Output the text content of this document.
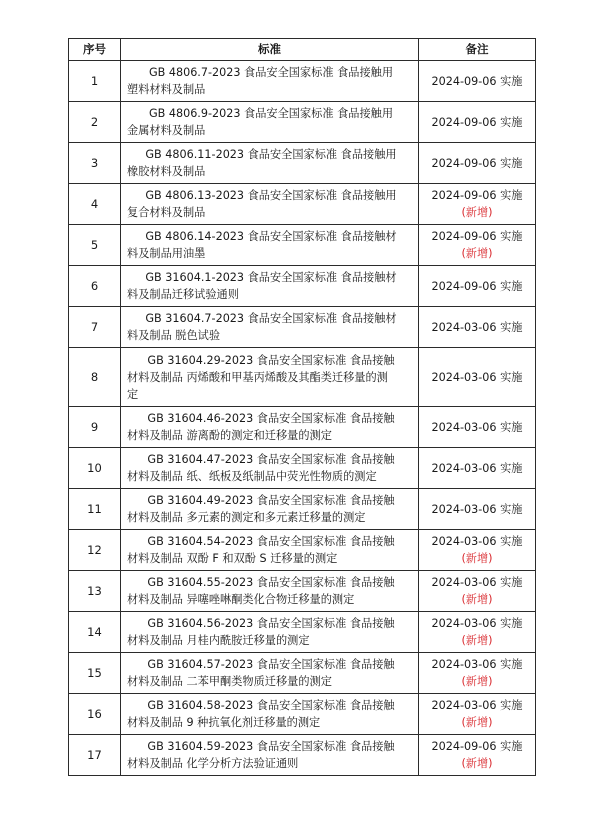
序号	标准	备注
1	GB 4806.7-2023 食品安全国家标准 食品接触用
塑料材料及制品	2024-09-06 实施

2	GB 4806.9-2023 食品安全国家标准 食品接触用
金属材料及制品	2024-09-06 实施

3	GB 4806.11-2023 食品安全国家标准 食品接触用
橡胶材料及制品	2024-09-06 实施

4	GB 4806.13-2023 食品安全国家标准 食品接触用
复合材料及制品	2024-09-06 实施
(新增)

5	GB 4806.14-2023 食品安全国家标准 食品接触材
料及制品用油墨	2024-09-06 实施
(新增)

6	GB 31604.1-2023 食品安全国家标准 食品接触材
料及制品迁移试验通则	2024-09-06 实施

7	GB 31604.7-2023 食品安全国家标准 食品接触材
料及制品 脱色试验	2024-03-06 实施

8	GB 31604.29-2023 食品安全国家标准 食品接触
材料及制品 丙烯酸和甲基丙烯酸及其酯类迁移量的测
定	2024-03-06 实施

9	GB 31604.46-2023 食品安全国家标准 食品接触
材料及制品 游离酚的测定和迁移量的测定	2024-03-06 实施

10	GB 31604.47-2023 食品安全国家标准 食品接触
材料及制品 纸、纸板及纸制品中荧光性物质的测定	2024-03-06 实施

11	GB 31604.49-2023 食品安全国家标准 食品接触
材料及制品 多元素的测定和多元素迁移量的测定	2024-03-06 实施

12	GB 31604.54-2023 食品安全国家标准 食品接触
材料及制品 双酚 F 和双酚 S 迁移量的测定	2024-03-06 实施
(新增)

13	GB 31604.55-2023 食品安全国家标准 食品接触
材料及制品 异噻唑啉酮类化合物迁移量的测定	2024-03-06 实施
(新增)

14	GB 31604.56-2023 食品安全国家标准 食品接触
材料及制品 月桂内酰胺迁移量的测定	2024-03-06 实施
(新增)

15	GB 31604.57-2023 食品安全国家标准 食品接触
材料及制品 二苯甲酮类物质迁移量的测定	2024-03-06 实施
(新增)

16	GB 31604.58-2023 食品安全国家标准 食品接触
材料及制品 9 种抗氧化剂迁移量的测定	2024-03-06 实施
(新增)

17	GB 31604.59-2023 食品安全国家标准 食品接触
材料及制品 化学分析方法验证通则	2024-09-06 实施
(新增)
